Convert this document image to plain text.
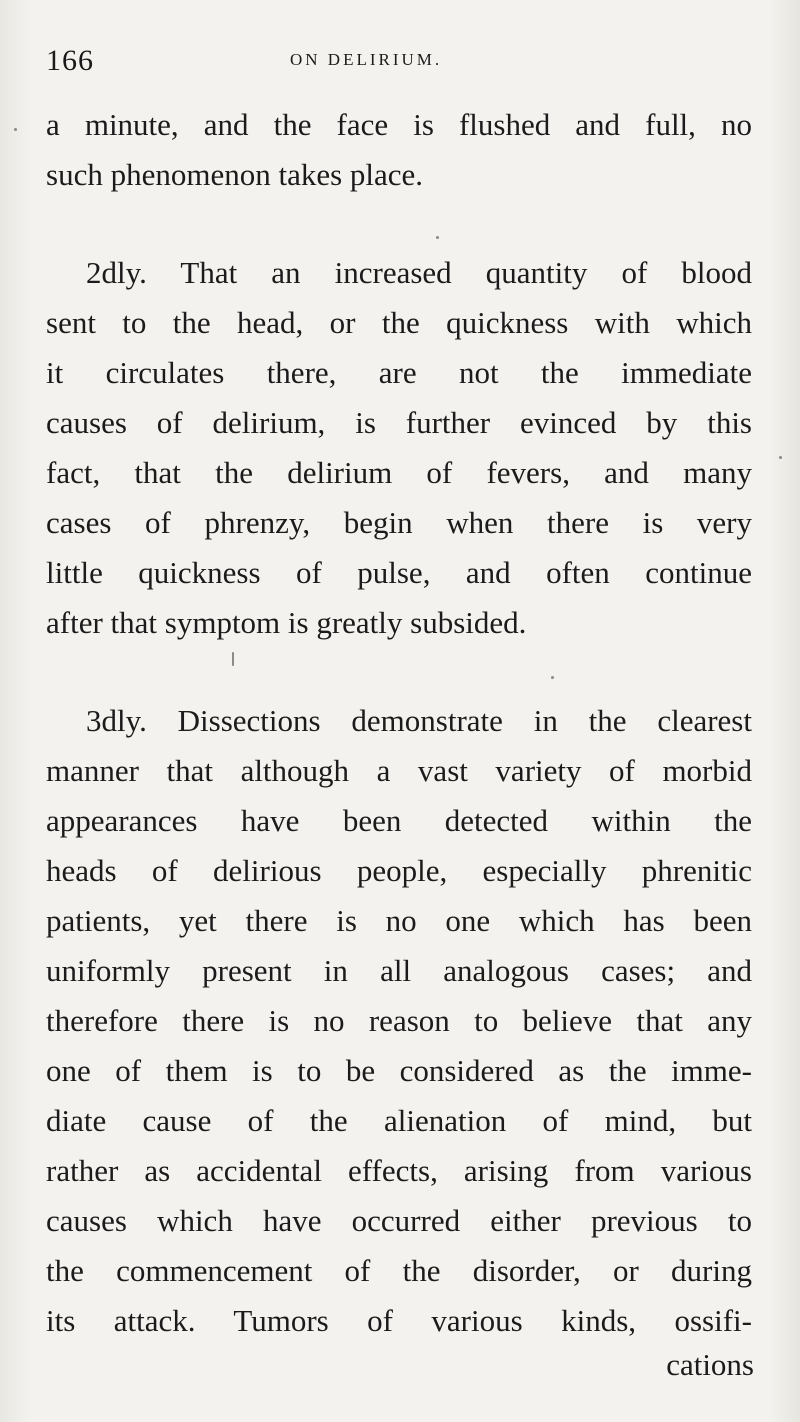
166	ON DELIRIUM.
a minute, and the face is flushed and full, no
such phenomenon takes place.
2dly. That an increased quantity of blood
sent to the head, or the quickness with which
it circulates there, are not the immediate
causes of delirium, is further evinced by this
fact, that the delirium of fevers, and many
cases of phrenzy, begin when there is very
little quickness of pulse, and often continue
after that symptom is greatly subsided.
3dly. Dissections demonstrate in the clearest
manner that although a vast variety of morbid
appearances have been detected within the
heads of delirious people, especially phrenitic
patients, yet there is no one which has been
uniformly present in all analogous cases; and
therefore there is no reason to believe that any
one of them is to be considered as the imme-
diate cause of the alienation of mind, but
rather as accidental effects, arising from various
causes which have occurred either previous to
the commencement of the disorder, or during
its attack. Tumors of various kinds, ossifi-
cations
